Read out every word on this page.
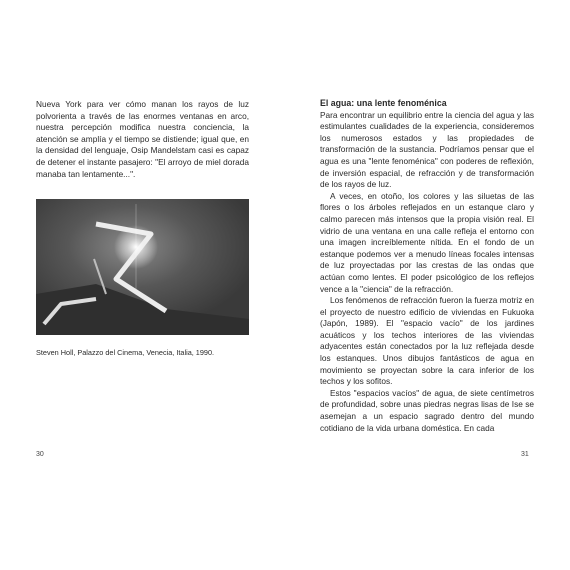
Nueva York para ver cómo manan los rayos de luz polvorienta a través de las enormes ventanas en arco, nuestra percepción modifica nuestra conciencia, la atención se amplía y el tiempo se distiende; igual que, en la densidad del lenguaje, Osip Mandelstam casi es capaz de detener el instante pasajero: "El arroyo de miel dorada manaba tan lentamente...".

Steven Holl, Palazzo del Cinema, Venecia, Italia, 1990.
30

El agua: una lente fenoménica

Para encontrar un equilibrio entre la ciencia del agua y las estimulantes cualidades de la experiencia, consideremos los numerosos estados y las propiedades de transformación de la sustancia. Podríamos pensar que el agua es una "lente fenoménica" con poderes de reflexión, de inversión espacial, de refracción y de transformación de los rayos de luz.

A veces, en otoño, los colores y las siluetas de las flores o los árboles reflejados en un estanque claro y calmo parecen más intensos que la propia visión real. El vidrio de una ventana en una calle refleja el entorno con una imagen increíblemente nítida. En el fondo de un estanque podemos ver a menudo líneas focales intensas de luz proyectadas por las crestas de las ondas que actúan como lentes. El poder psicológico de los reflejos vence a la "ciencia" de la refracción.

Los fenómenos de refracción fueron la fuerza motriz en el proyecto de nuestro edificio de viviendas en Fukuoka (Japón, 1989). El "espacio vacío" de los jardines acuáticos y los techos interiores de las viviendas adyacentes están conectados por la luz reflejada desde los estanques. Unos dibujos fantásticos de agua en movimiento se proyectan sobre la cara inferior de los techos y los sofitos.

Estos "espacios vacíos" de agua, de siete centímetros de profundidad, sobre unas piedras negras lisas de Ise se asemejan a un espacio sagrado dentro del mundo cotidiano de la vida urbana doméstica. En cada

31
